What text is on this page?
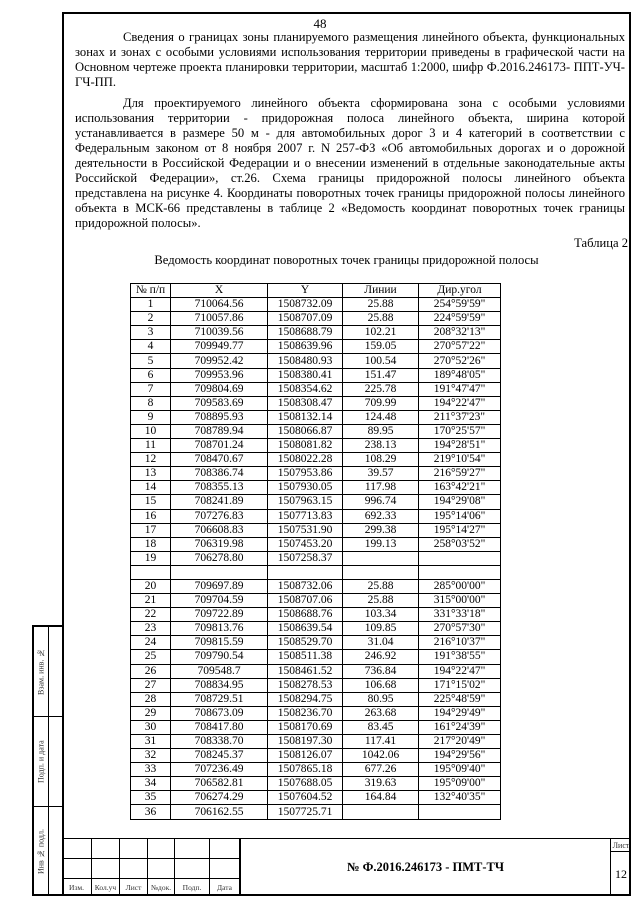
48

Сведения о границах зоны планируемого размещения линейного объекта, функциональных зонах и зонах с особыми условиями использования территории приведены в графической части на Основном чертеже проекта планировки территории, масштаб 1:2000, шифр Ф.2016.246173- ППТ-УЧ-ГЧ-ПП.

Для проектируемого линейного объекта сформирована зона с особыми условиями использования территории - придорожная полоса линейного объекта, ширина которой устанавливается в размере 50 м - для автомобильных дорог 3 и 4 категорий в соответствии с Федеральным законом от 8 ноября 2007 г. N 257-ФЗ «Об автомобильных дорогах и о дорожной деятельности в Российской Федерации и о внесении изменений в отдельные законодательные акты Российской Федерации», ст.26. Схема границы придорожной полосы линейного объекта представлена на рисунке 4. Координаты поворотных точек границы придорожной полосы линейного объекта в МСК-66 представлены в таблице 2 «Ведомость координат поворотных точек границы придорожной полосы».

Таблица 2
Ведомость координат поворотных точек границы придорожной полосы
№ п/п	X	Y	Линии	Дир.угол
1	710064.56	1508732.09	25.88	254°59'59"
2	710057.86	1508707.09	25.88	224°59'59"
3	710039.56	1508688.79	102.21	208°32'13"
4	709949.77	1508639.96	159.05	270°57'22"
5	709952.42	1508480.93	100.54	270°52'26"
6	709953.96	1508380.41	151.47	189°48'05"
7	709804.69	1508354.62	225.78	191°47'47"
8	709583.69	1508308.47	709.99	194°22'47"
9	708895.93	1508132.14	124.48	211°37'23"
10	708789.94	1508066.87	89.95	170°25'57"
11	708701.24	1508081.82	238.13	194°28'51"
12	708470.67	1508022.28	108.29	219°10'54"
13	708386.74	1507953.86	39.57	216°59'27"
14	708355.13	1507930.05	117.98	163°42'21"
15	708241.89	1507963.15	996.74	194°29'08"
16	707276.83	1507713.83	692.33	195°14'06"
17	706608.83	1507531.90	299.38	195°14'27"
18	706319.98	1507453.20	199.13	258°03'52"
19	706278.80	1507258.37		

20	709697.89	1508732.06	25.88	285°00'00"
21	709704.59	1508707.06	25.88	315°00'00"
22	709722.89	1508688.76	103.34	331°33'18"
23	709813.76	1508639.54	109.85	270°57'30"
24	709815.59	1508529.70	31.04	216°10'37"
25	709790.54	1508511.38	246.92	191°38'55"
26	709548.7	1508461.52	736.84	194°22'47"
27	708834.95	1508278.53	106.68	171°15'02"
28	708729.51	1508294.75	80.95	225°48'59"
29	708673.09	1508236.70	263.68	194°29'49"
30	708417.80	1508170.69	83.45	161°24'39"
31	708338.70	1508197.30	117.41	217°20'49"
32	708245.37	1508126.07	1042.06	194°29'56"
33	707236.49	1507865.18	677.26	195°09'40"
34	706582.81	1507688.05	319.63	195°09'00"
35	706274.29	1507604.52	164.84	132°40'35"
36	706162.55	1507725.71		
Взам. инв. №
Подп. и дата
Инв № подл.	№ Ф.2016.246173 - ПМТ-ТЧ
Лист
12
Изм.	Кол.уч	Лист	№док.	Подп.	Дата
